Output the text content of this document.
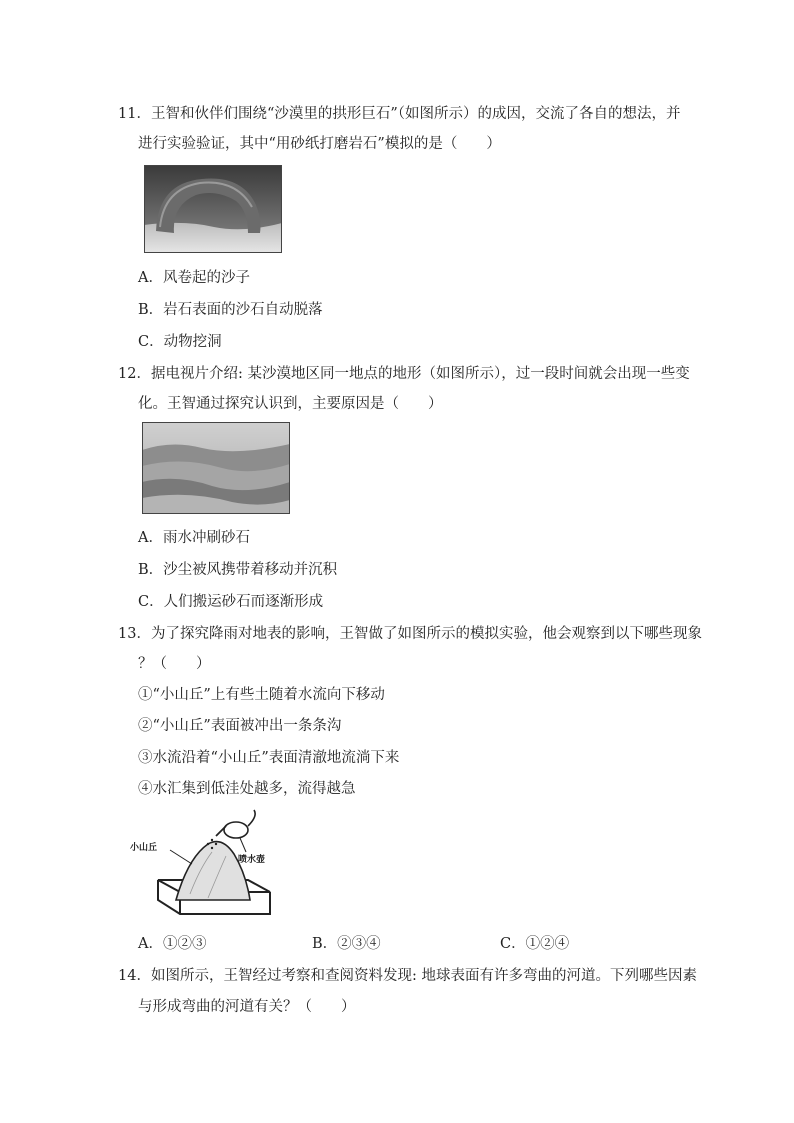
11．王智和伙伴们围绕“沙漠里的拱形巨石”（如图所示）的成因，交流了各自的想法，并
进行实验验证，其中“用砂纸打磨岩石”模拟的是（　　）
A．风卷起的沙子
B．岩石表面的沙石自动脱落
C．动物挖洞
12．据电视片介绍: 某沙漠地区同一地点的地形（如图所示），过一段时间就会出现一些变
化。王智通过探究认识到，主要原因是（　　）
A．雨水冲刷砂石
B．沙尘被风携带着移动并沉积
C．人们搬运砂石而逐渐形成
13．为了探究降雨对地表的影响，王智做了如图所示的模拟实验，他会观察到以下哪些现象
？（　　）
①“小山丘”上有些土随着水流向下移动
②“小山丘”表面被冲出一条条沟
③水流沿着“小山丘”表面清澈地流淌下来
④水汇集到低洼处越多，流得越急
小山丘
喷水壶
A．①②③	B．②③④	C．①②④
14．如图所示，王智经过考察和查阅资料发现: 地球表面有许多弯曲的河道。下列哪些因素
与形成弯曲的河道有关？（　　）
